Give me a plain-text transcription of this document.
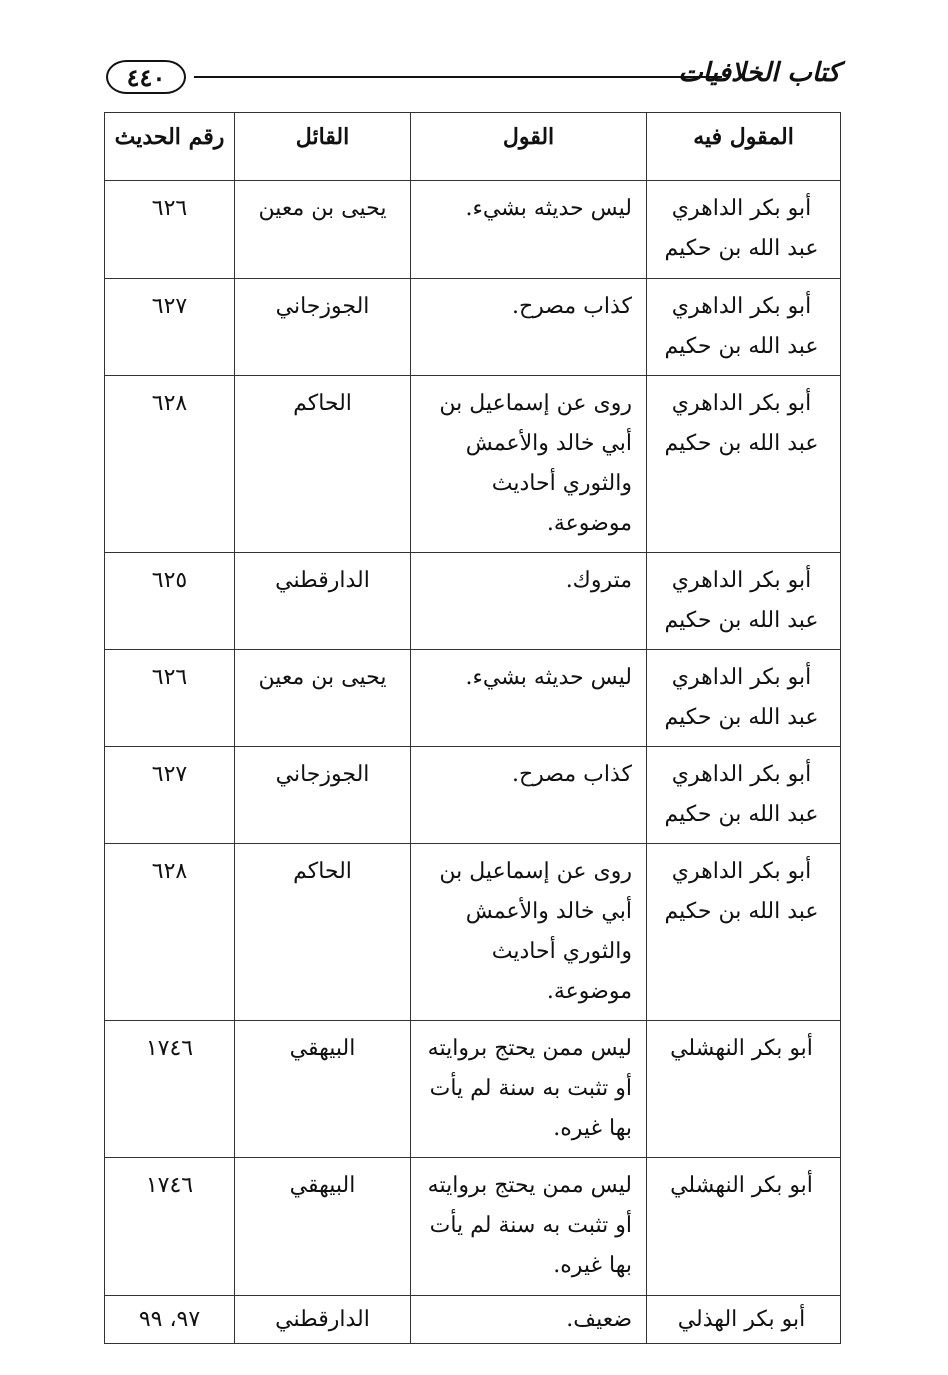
٤٤٠	كتاب الخلافيات
المقول فيه	القول	القائل	رقم الحديث

أبو بكر الداهري
عبد الله بن حكيم	ليس حديثه بشيء.	يحيى بن معين	٦٢٦

أبو بكر الداهري
عبد الله بن حكيم	كذاب مصرح.	الجوزجاني	٦٢٧

أبو بكر الداهري
عبد الله بن حكيم	روى عن إسماعيل بن أبي خالد والأعمش والثوري أحاديث موضوعة.	الحاكم	٦٢٨

أبو بكر الداهري
عبد الله بن حكيم	متروك.	الدارقطني	٦٢٥

أبو بكر الداهري
عبد الله بن حكيم	ليس حديثه بشيء.	يحيى بن معين	٦٢٦

أبو بكر الداهري
عبد الله بن حكيم	كذاب مصرح.	الجوزجاني	٦٢٧

أبو بكر الداهري
عبد الله بن حكيم	روى عن إسماعيل بن أبي خالد والأعمش والثوري أحاديث موضوعة.	الحاكم	٦٢٨

أبو بكر النهشلي	ليس ممن يحتج بروايته أو تثبت به سنة لم يأت بها غيره.	البيهقي	١٧٤٦

أبو بكر النهشلي	ليس ممن يحتج بروايته أو تثبت به سنة لم يأت بها غيره.	البيهقي	١٧٤٦

أبو بكر الهذلي	ضعيف.	الدارقطني	٩٧، ٩٩
